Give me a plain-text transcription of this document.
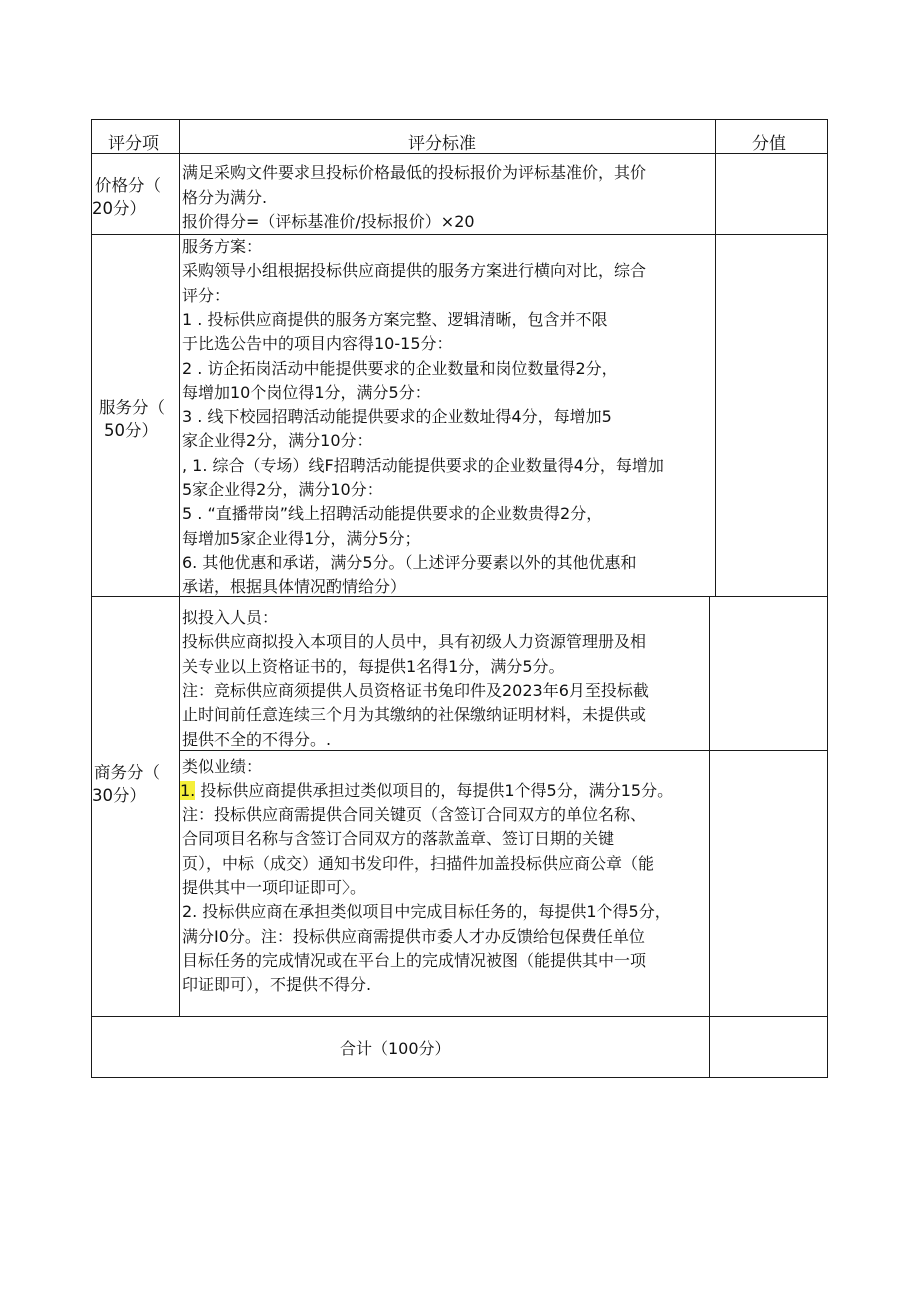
评分项	评分标准	分值
价格分（
20分）
满足采购文件要求旦投标价格最低的投标报价为评标基准价，其价
格分为满分.
报价得分=（评标基准价/投标报价）×20
服务分（
50分）
服务方案：
采购领导小组根据投标供应商提供的服务方案进行横向对比，综合
评分：
1 . 投标供应商提供的服务方案完整、逻辑清晰，包含并不限
于比选公告中的项目内容得10-15分：
2 . 访企拓岗活动中能提供要求的企业数量和岗位数量得2分，
每增加10个岗位得1分，满分5分：
3 . 线下校园招聘活动能提供要求的企业数址得4分，每增加5
家企业得2分，满分10分：
, 1. 综合（专场）线F招聘活动能提供要求的企业数量得4分，每增加
5家企业得2分，满分10分：
5 . “直播带岗”线上招聘活动能提供要求的企业数贵得2分，
每增加5家企业得1分，满分5分；
6. 其他优惠和承诺，满分5分。（上述评分要素以外的其他优惠和
承诺，根据具体情况酌情给分）
商务分（
30分）
拟投入人员：
投标供应商拟投入本项目的人员中，具有初级人力资源管理册及相
关专业以上资格证书的，每提供1名得1分，满分5分。
注：竞标供应商须提供人员资格证书兔印件及2023年6月至投标截
止时间前任意连续三个月为其缴纳的社保缴纳证明材料，未提供或
提供不全的不得分。.
类似业绩：
1. 投标供应商提供承担过类似项目的，每提供1个得5分，满分15分。
注：投标供应商需提供合同关键页（含签订合同双方的单位名称、
合同项目名称与含签订合同双方的落款盖章、签订日期的关键
页），中标（成交）通知书发印件，扫描件加盖投标供应商公章（能
提供其中一项印证即可〉。
2. 投标供应商在承担类似项目中完成目标任务的，每提供1个得5分，
满分I0分。注：投标供应商需提供市委人才办反馈给包保费任单位
目标任务的完成情况或在平台上的完成情况被图（能提供其中一项
印证即可），不提供不得分.
合计（100分）
